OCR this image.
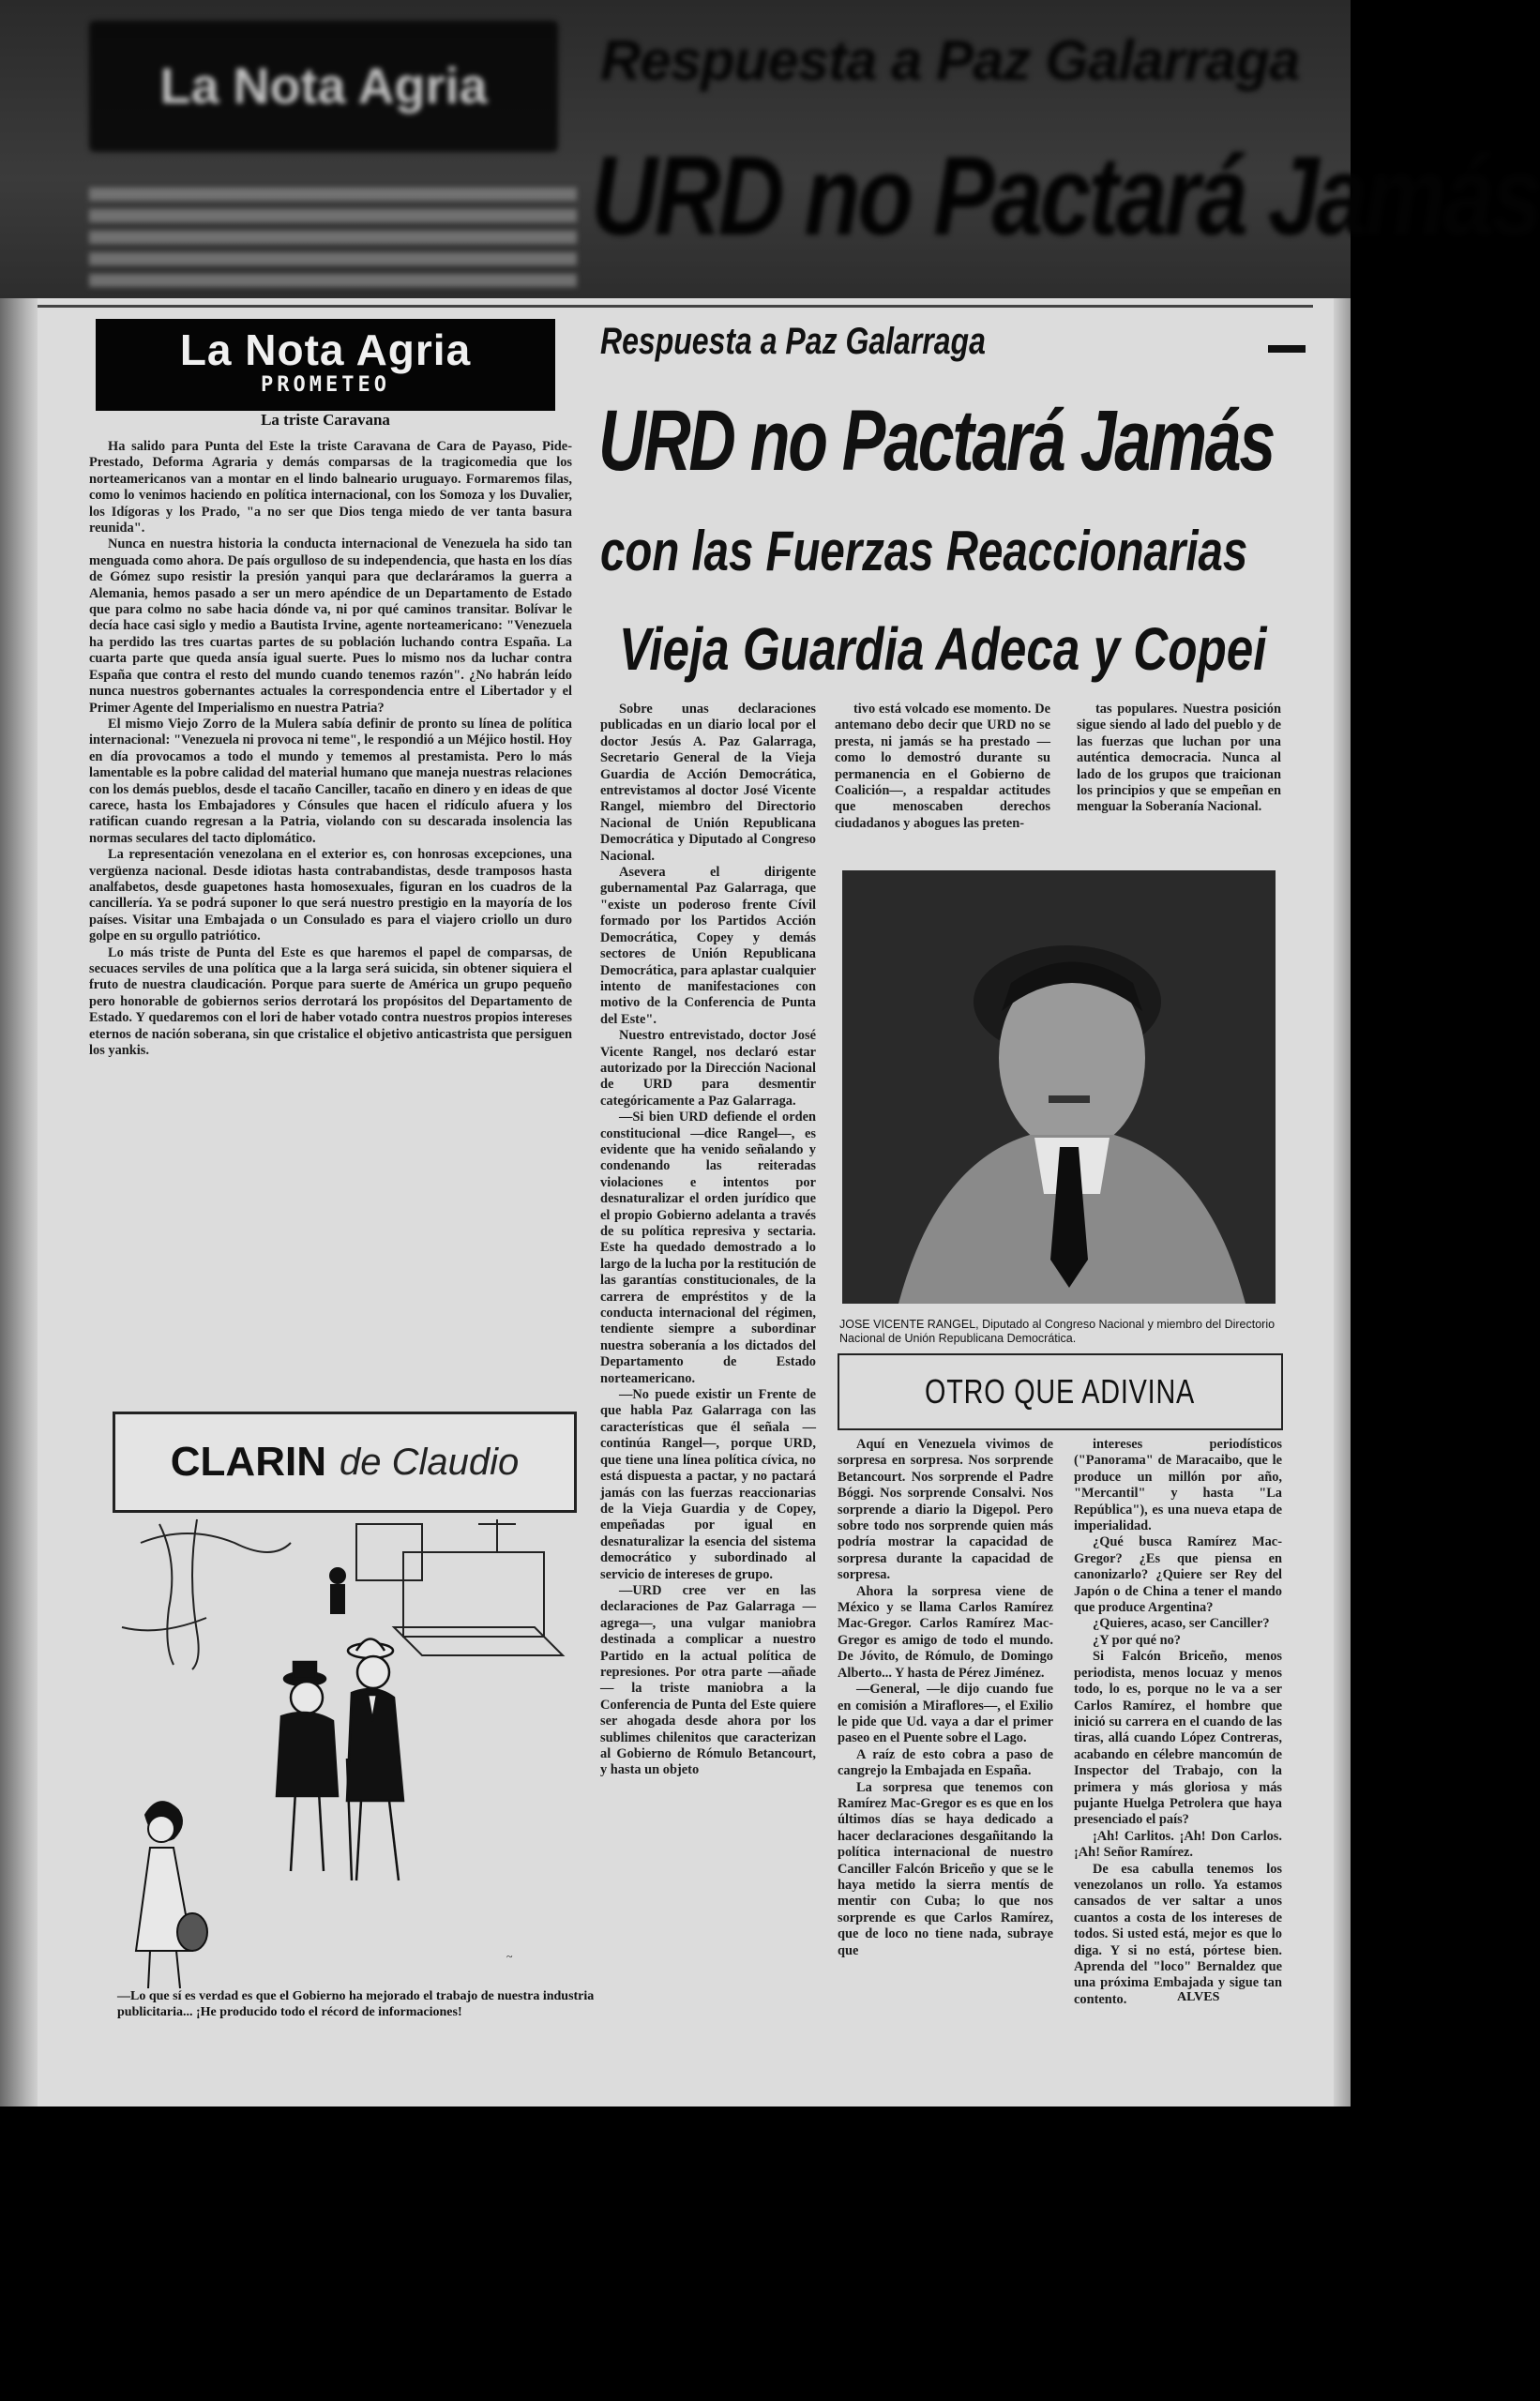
La Nota Agria Respuesta a Paz Galarraga
URD no Pactará Jamás
La Nota Agria
PROMETEO
La triste Caravana

Ha salido para Punta del Este la triste Caravana de Cara de Payaso, Pide-Prestado, Deforma Agraria y demás comparsas de la tragicomedia que los norteamericanos van a montar en el lindo balneario uruguayo. Formaremos filas, como lo venimos haciendo en política internacional, con los Somoza y los Duvalier, los Idígoras y los Prado, "a no ser que Dios tenga miedo de ver tanta basura reunida".

Nunca en nuestra historia la conducta internacional de Venezuela ha sido tan menguada como ahora. De país orgulloso de su independencia, que hasta en los días de Gómez supo resistir la presión yanqui para que declaráramos la guerra a Alemania, hemos pasado a ser un mero apéndice de un Departamento de Estado que para colmo no sabe hacia dónde va, ni por qué caminos transitar. Bolívar le decía hace casi siglo y medio a Bautista Irvine, agente norteamericano: "Venezuela ha perdido las tres cuartas partes de su población luchando contra España. La cuarta parte que queda ansía igual suerte. Pues lo mismo nos da luchar contra España que contra el resto del mundo cuando tenemos razón". ¿No habrán leído nunca nuestros gobernantes actuales la correspondencia entre el Libertador y el Primer Agente del Imperialismo en nuestra Patria?

El mismo Viejo Zorro de la Mulera sabía definir de pronto su línea de política internacional: "Venezuela ni provoca ni teme", le respondió a un Méjico hostil. Hoy en día provocamos a todo el mundo y tememos al prestamista. Pero lo más lamentable es la pobre calidad del material humano que maneja nuestras relaciones con los demás pueblos, desde el tacaño Canciller, tacaño en dinero y en ideas de que carece, hasta los Embajadores y Cónsules que hacen el ridículo afuera y los ratifican cuando regresan a la Patria, violando con su descarada insolencia las normas seculares del tacto diplomático.

La representación venezolana en el exterior es, con honrosas excepciones, una vergüenza nacional. Desde idiotas hasta contrabandistas, desde tramposos hasta analfabetos, desde guapetones hasta homosexuales, figuran en los cuadros de la cancillería. Ya se podrá suponer lo que será nuestro prestigio en la mayoría de los países. Visitar una Embajada o un Consulado es para el viajero criollo un duro golpe en su orgullo patriótico.

Lo más triste de Punta del Este es que haremos el papel de comparsas, de secuaces serviles de una política que a la larga será suicida, sin obtener siquiera el fruto de nuestra claudicación. Porque para suerte de América un grupo pequeño pero honorable de gobiernos serios derrotará los propósitos del Departamento de Estado. Y quedaremos con el lori de haber votado contra nuestros propios intereses eternos de nación soberana, sin que cristalice el objetivo anticastrista que persiguen los yankis.

CLARIN de Claudio
~
—Lo que sí es verdad es que el Gobierno ha mejorado el trabajo de nuestra industria publicitaria... ¡He producido todo el récord de informaciones!
Respuesta a Paz Galarraga
URD no Pactará Jamás
con las Fuerzas Reaccionarias
Vieja Guardia Adeca y Copei

Sobre unas declaraciones publicadas en un diario local por el doctor Jesús A. Paz Galarraga, Secretario General de la Vieja Guardia de Acción Democrática, entrevistamos al doctor José Vicente Rangel, miembro del Directorio Nacional de Unión Republicana Democrática y Diputado al Congreso Nacional.

Asevera el dirigente gubernamental Paz Galarraga, que "existe un poderoso frente Cívil formado por los Partidos Acción Democrática, Copey y demás sectores de Unión Republicana Democrática, para aplastar cualquier intento de manifestaciones con motivo de la Conferencia de Punta del Este".

Nuestro entrevistado, doctor José Vicente Rangel, nos declaró estar autorizado por la Dirección Nacional de URD para desmentir categóricamente a Paz Galarraga.

—Si bien URD defiende el orden constitucional —dice Rangel—, es evidente que ha venido señalando y condenando las reiteradas violaciones e intentos por desnaturalizar el orden jurídico que el propio Gobierno adelanta a través de su política represiva y sectaria. Este ha quedado demostrado a lo largo de la lucha por la restitución de las garantías constitucionales, de la carrera de empréstitos y de la conducta internacional del régimen, tendiente siempre a subordinar nuestra soberanía a los dictados del Departamento de Estado norteamericano.

—No puede existir un Frente de que habla Paz Galarraga con las características que él señala —continúa Rangel—, porque URD, que tiene una línea política cívica, no está dispuesta a pactar, y no pactará jamás con las fuerzas reaccionarias de la Vieja Guardia y de Copey, empeñadas por igual en desnaturalizar la esencia del sistema democrático y subordinado al servicio de intereses de grupo.

—URD cree ver en las declaraciones de Paz Galarraga —agrega—, una vulgar maniobra destinada a complicar a nuestro Partido en la actual política de represiones. Por otra parte —añade— la triste maniobra a la Conferencia de Punta del Este quiere ser ahogada desde ahora por los sublimes chilenitos que caracterizan al Gobierno de Rómulo Betancourt, y hasta un objeto

tivo está volcado ese momento. De antemano debo decir que URD no se presta, ni jamás se ha prestado —como lo demostró durante su permanencia en el Gobierno de Coalición—, a respaldar actitudes que menoscaben derechos ciudadanos y abogues las preten-

tas populares. Nuestra posición sigue siendo al lado del pueblo y de las fuerzas que luchan por una auténtica democracia. Nunca al lado de los grupos que traicionan los principios y que se empeñan en menguar la Soberanía Nacional.

JOSE VICENTE RANGEL, Diputado al Congreso Nacional y miembro del Directorio Nacional de Unión Republicana Democrática.
OTRO QUE ADIVINA

Aquí en Venezuela vivimos de sorpresa en sorpresa. Nos sorprende Betancourt. Nos sorprende el Padre Bóggi. Nos sorprende Consalvi. Nos sorprende a diario la Digepol. Pero sobre todo nos sorprende quien más podría mostrar la capacidad de sorpresa durante la capacidad de sorpresa.

Ahora la sorpresa viene de México y se llama Carlos Ramírez Mac-Gregor. Carlos Ramírez Mac-Gregor es amigo de todo el mundo. De Jóvito, de Rómulo, de Domingo Alberto... Y hasta de Pérez Jiménez.

—General, —le dijo cuando fue en comisión a Miraflores—, el Exilio le pide que Ud. vaya a dar el primer paseo en el Puente sobre el Lago.

A raíz de esto cobra a paso de cangrejo la Embajada en España.

La sorpresa que tenemos con Ramírez Mac-Gregor es es que en los últimos días se haya dedicado a hacer declaraciones desgañitando la política internacional de nuestro Canciller Falcón Briceño y que se le haya metido la sierra mentís de mentir con Cuba; lo que nos sorprende es que Carlos Ramírez, que de loco no tiene nada, subraye que

intereses periodísticos ("Panorama" de Maracaibo, que le produce un millón por año, "Mercantil" y hasta "La República"), es una nueva etapa de imperialidad.

¿Qué busca Ramírez Mac-Gregor? ¿Es que piensa en canonizarlo? ¿Quiere ser Rey del Japón o de China a tener el mando que produce Argentina?

¿Quieres, acaso, ser Canciller?

¿Y por qué no?

Si Falcón Briceño, menos periodista, menos locuaz y menos todo, lo es, porque no le va a ser Carlos Ramírez, el hombre que inició su carrera en el cuando de las tiras, allá cuando López Contreras, acabando en célebre mancomún de Inspector del Trabajo, con la primera y más gloriosa y más pujante Huelga Petrolera que haya presenciado el país?

¡Ah! Carlitos. ¡Ah! Don Carlos. ¡Ah! Señor Ramírez.

De esa cabulla tenemos los venezolanos un rollo. Ya estamos cansados de ver saltar a unos cuantos a costa de los intereses de todos. Si usted está, mejor es que lo diga. Y si no está, pórtese bien. Aprenda del "loco" Bernaldez que una próxima Embajada y sigue tan contento.	ALVES
